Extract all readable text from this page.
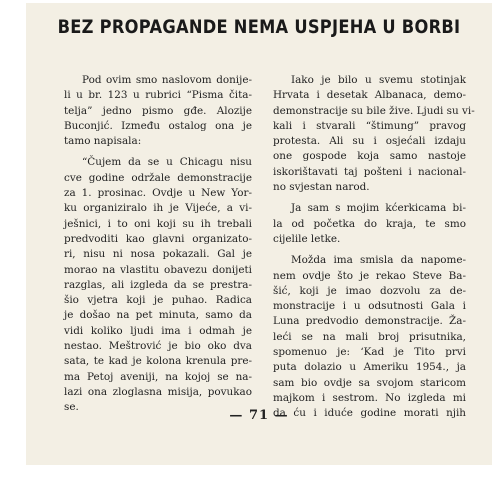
BEZ PROPAGANDE NEMA USPJEHA U BORBI
Pod ovim smo naslovom donije-
li u br. 123 u rubrici “Pisma čita-
telja” jedno pismo gđe. Alozije
Buconjić. Između ostalog ona je
tamo napisala:
“Čujem da se u Chicagu nisu
cve godine održale demonstracije
za 1. prosinac. Ovdje u New Yor-
ku organiziralo ih je Vijeće, a vi-
ješnici, i to oni koji su ih trebali
predvoditi kao glavni organizato-
ri, nisu ni nosa pokazali. Gal je
morao na vlastitu obavezu donijeti
razglas, ali izgleda da se prestra-
šio vjetra koji je puhao. Radica
je došao na pet minuta, samo da
vidi koliko ljudi ima i odmah je
nestao. Meštrović je bio oko dva
sata, te kad je kolona krenula pre-
ma Petoj aveniji, na kojoj se na-
lazi ona zloglasna misija, povukao
se.
Iako je bilo u svemu stotinjak
Hrvata i desetak Albanaca, demo-
demonstracije su bile žive. Ljudi su vi-
kali i stvarali “štimung” pravog
protesta. Ali su i osjećali izdaju
one gospode koja samo nastoje
iskorištavati taj pošteni i nacional-
no svjestan narod.
Ja sam s mojim kćerkicama bi-
la od početka do kraja, te smo
cijelile letke.
Možda ima smisla da napome-
nem ovdje što je rekao Steve Ba-
šić, koji je imao dozvolu za de-
monstracije i u odsutnosti Gala i
Luna predvodio demonstracije. Ža-
leći se na mali broj prisutnika,
spomenuo je: ‘Kad je Tito prvi
puta dolazio u Ameriku 1954., ja
sam bio ovdje sa svojom staricom
majkom i sestrom. No izgleda mi
da ću i iduće godine morati njih
— 71 —
